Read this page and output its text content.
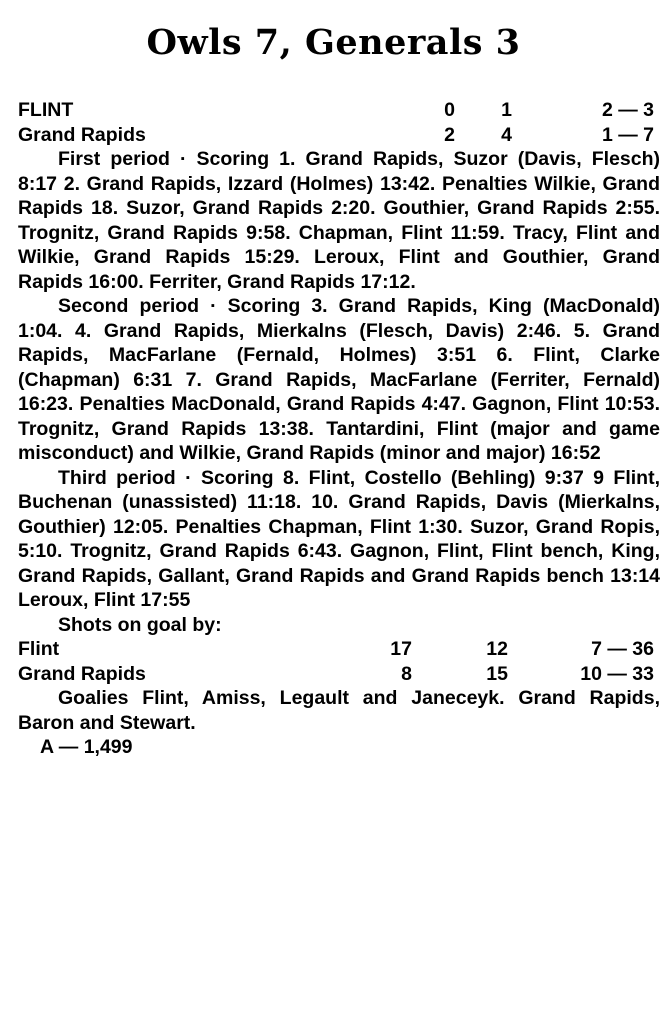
Owls 7, Generals 3
FLINT	0 1	2 — 3
Grand Rapids	2 4	1 — 7

First period · Scoring 1. Grand Rapids, Suzor (Davis, Flesch) 8:17 2. Grand Rapids, Izzard (Holmes) 13:42. Penalties Wilkie, Grand Rapids 18. Suzor, Grand Rapids 2:20. Gouthier, Grand Rapids 2:55. Trognitz, Grand Rapids 9:58. Chapman, Flint 11:59. Tracy, Flint and Wilkie, Grand Rapids 15:29. Leroux, Flint and Gouthier, Grand Rapids 16:00. Ferriter, Grand Rapids 17:12.

Second period · Scoring 3. Grand Rapids, King (MacDonald) 1:04. 4. Grand Rapids, Mierkalns (Flesch, Davis) 2:46. 5. Grand Rapids, MacFarlane (Fernald, Holmes) 3:51 6. Flint, Clarke (Chapman) 6:31 7. Grand Rapids, MacFarlane (Ferriter, Fernald) 16:23. Penalties MacDonald, Grand Rapids 4:47. Gagnon, Flint 10:53. Trognitz, Grand Rapids 13:38. Tantardini, Flint (major and game misconduct) and Wilkie, Grand Rapids (minor and major) 16:52

Third period · Scoring 8. Flint, Costello (Behling) 9:37 9 Flint, Buchenan (unassisted) 11:18. 10. Grand Rapids, Davis (Mierkalns, Gouthier) 12:05. Penalties Chapman, Flint 1:30. Suzor, Grand Ropis, 5:10. Trognitz, Grand Rapids 6:43. Gagnon, Flint, Flint bench, King, Grand Rapids, Gallant, Grand Rapids and Grand Rapids bench 13:14 Leroux, Flint 17:55

Shots on goal by:

Flint	17	12	7 — 36
Grand Rapids	8	15	10 — 33

Goalies Flint, Amiss, Legault and Janeceyk. Grand Rapids, Baron and Stewart.

A — 1,499
